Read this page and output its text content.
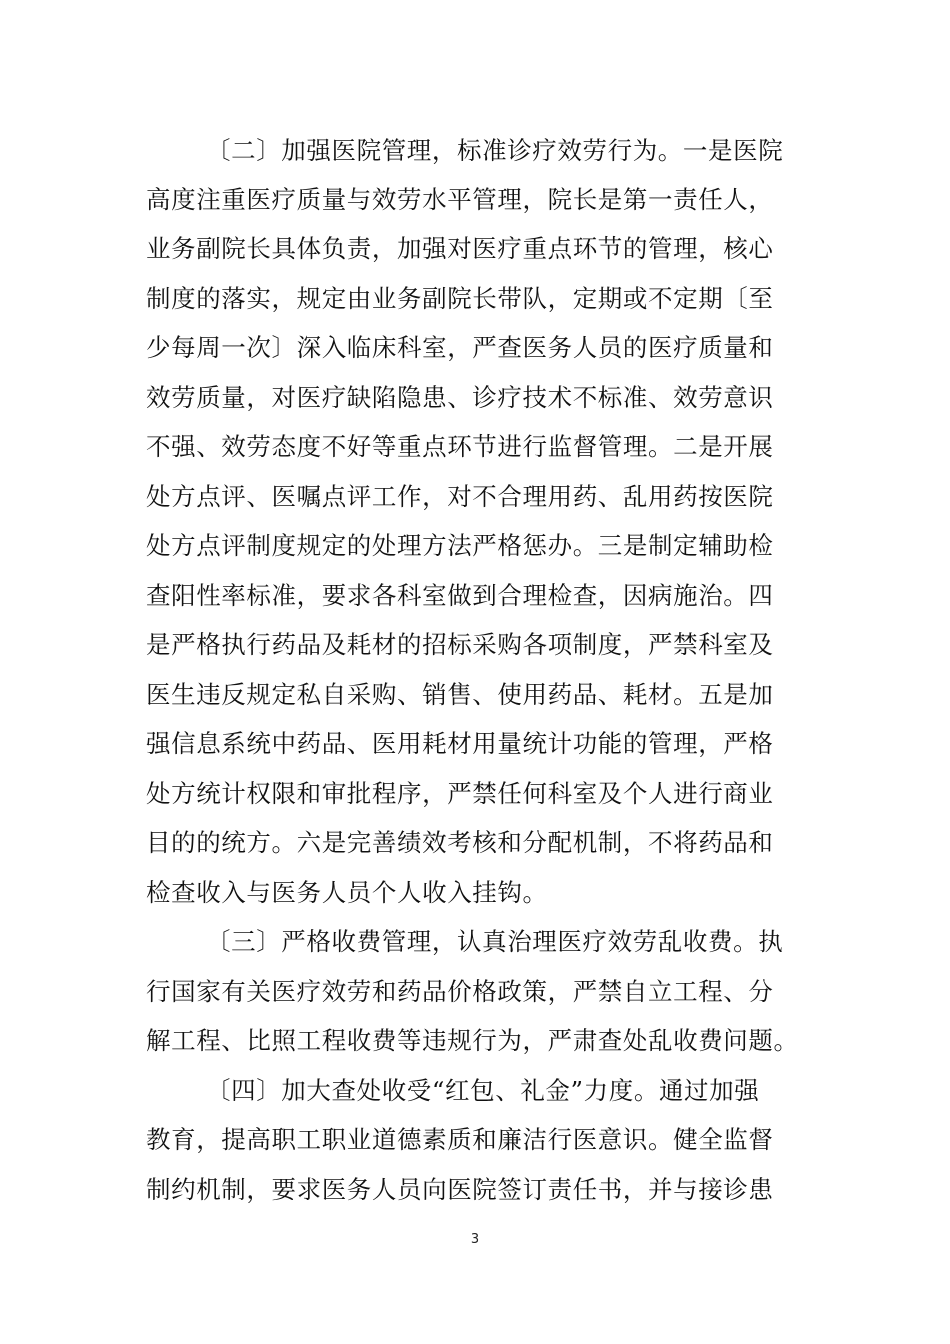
〔二〕加强医院管理，标准诊疗效劳行为。一是医院
高度注重医疗质量与效劳水平管理，院长是第一责任人，
业务副院长具体负责，加强对医疗重点环节的管理，核心
制度的落实，规定由业务副院长带队，定期或不定期〔至
少每周一次〕深入临床科室，严查医务人员的医疗质量和
效劳质量，对医疗缺陷隐患、诊疗技术不标准、效劳意识
不强、效劳态度不好等重点环节进行监督管理。二是开展
处方点评、医嘱点评工作，对不合理用药、乱用药按医院
处方点评制度规定的处理方法严格惩办。三是制定辅助检
查阳性率标准，要求各科室做到合理检查，因病施治。四
是严格执行药品及耗材的招标采购各项制度，严禁科室及
医生违反规定私自采购、销售、使用药品、耗材。五是加
强信息系统中药品、医用耗材用量统计功能的管理，严格
处方统计权限和审批程序，严禁任何科室及个人进行商业
目的的统方。六是完善绩效考核和分配机制，不将药品和
检查收入与医务人员个人收入挂钩。
〔三〕严格收费管理，认真治理医疗效劳乱收费。执
行国家有关医疗效劳和药品价格政策，严禁自立工程、分
解工程、比照工程收费等违规行为，严肃查处乱收费问题。
〔四〕加大查处收受“红包、礼金”力度。通过加强
教育，提高职工职业道德素质和廉洁行医意识。健全监督
制约机制，要求医务人员向医院签订责任书，并与接诊患
3
